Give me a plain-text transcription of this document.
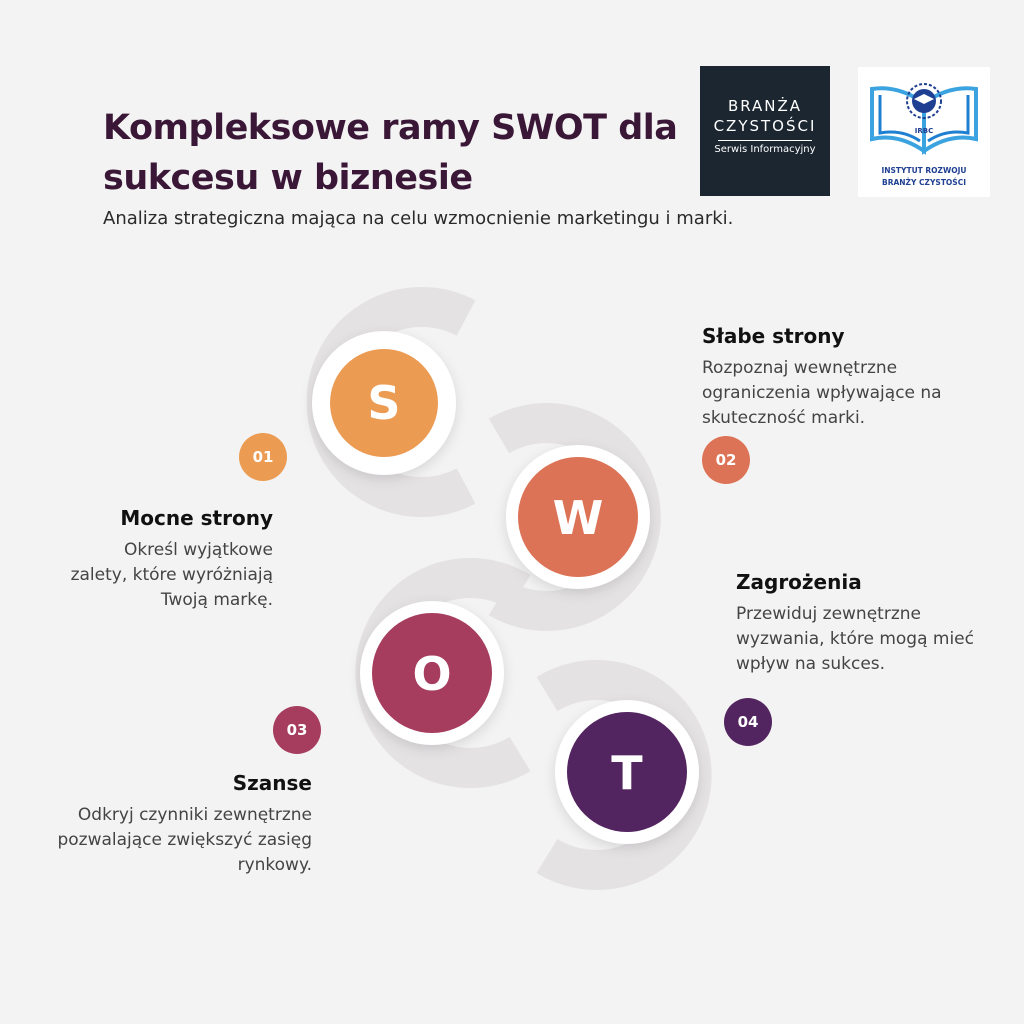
Kompleksowe ramy SWOT dla sukcesu w biznesie
Analiza strategiczna mająca na celu wzmocnienie marketingu i marki.
BRANŻA
CZYSTOŚCI
Serwis Informacyjny
IRBC
INSTYTUT ROZWOJU
BRANŻY CZYSTOŚCI
S
W
O
T
01	02
03	04
Mocne strony
Określ wyjątkowe
zalety, które wyróżniają
Twoją markę.
Słabe strony
Rozpoznaj wewnętrzne
ograniczenia wpływające na
skuteczność marki.
Szanse
Odkryj czynniki zewnętrzne
pozwalające zwiększyć zasięg
rynkowy.
Zagrożenia
Przewiduj zewnętrzne
wyzwania, które mogą mieć
wpływ na sukces.
